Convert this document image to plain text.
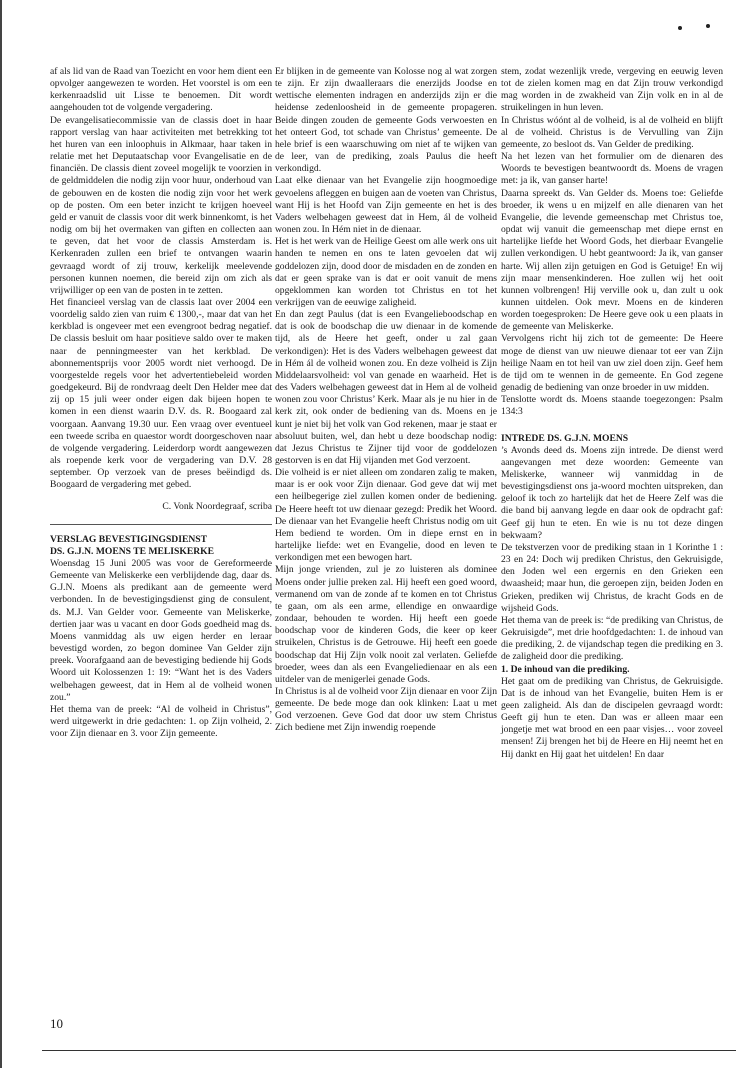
af als lid van de Raad van Toezicht en voor hem dient een opvolger aangewezen te worden. Het voorstel is om een kerkenraadslid uit Lisse te benoemen. Dit wordt aangehouden tot de volgende vergadering.

De evangelisatiecommissie van de classis doet in haar rapport verslag van haar activiteiten met betrekking tot het huren van een inloophuis in Alkmaar, haar taken in relatie met het Deputaatschap voor Evangelisatie en de financiën. De classis dient zoveel mogelijk te voorzien in de geldmiddelen die nodig zijn voor huur, onderhoud van de gebouwen en de kosten die nodig zijn voor het werk op de posten. Om een beter inzicht te krijgen hoeveel geld er vanuit de classis voor dit werk binnenkomt, is het nodig om bij het overmaken van giften en collecten aan te geven, dat het voor de classis Amsterdam is. Kerkenraden zullen een brief te ontvangen waarin gevraagd wordt of zij trouw, kerkelijk meelevende personen kunnen noemen, die bereid zijn om zich als vrijwilliger op een van de posten in te zetten.

Het financieel verslag van de classis laat over 2004 een voordelig saldo zien van ruim € 1300,-, maar dat van het kerkblad is ongeveer met een evengroot bedrag negatief. De classis besluit om haar positieve saldo over te maken naar de penningmeester van het kerkblad. De abonnementsprijs voor 2005 wordt niet verhoogd. De voorgestelde regels voor het advertentiebeleid worden goedgekeurd. Bij de rondvraag deelt Den Helder mee dat zij op 15 juli weer onder eigen dak bijeen hopen te komen in een dienst waarin D.V. ds. R. Boogaard zal voorgaan. Aanvang 19.30 uur. Een vraag over eventueel een tweede scriba en quaestor wordt doorgeschoven naar de volgende vergadering. Leiderdorp wordt aangewezen als roepende kerk voor de vergadering van D.V. 28 september. Op verzoek van de preses beëindigd ds. Boogaard de vergadering met gebed.

C. Vonk Noordegraaf, scriba

VERSLAG BEVESTIGINGSDIENST

DS. G.J.N. MOENS TE MELISKERKE

Woensdag 15 Juni 2005 was voor de Gereformeerde Gemeente van Meliskerke een verblijdende dag, daar ds. G.J.N. Moens als predikant aan de gemeente werd verbonden. In de bevestigingsdienst ging de consulent, ds. M.J. Van Gelder voor. Gemeente van Meliskerke, dertien jaar was u vacant en door Gods goedheid mag ds. Moens vanmiddag als uw eigen herder en leraar bevestigd worden, zo begon dominee Van Gelder zijn preek. Voorafgaand aan de bevestiging bediende hij Gods Woord uit Kolossenzen 1: 19: “Want het is des Vaders welbehagen geweest, dat in Hem al de volheid wonen zou.”

Het thema van de preek: “Al de volheid in Christus”, werd uitgewerkt in drie gedachten: 1. op Zijn volheid, 2. voor Zijn dienaar en 3. voor Zijn gemeente.

Er blijken in de gemeente van Kolosse nog al wat zorgen te zijn. Er zijn dwaalleraars die enerzijds Joodse en wettische elementen indragen en anderzijds zijn er die heidense zedenloosheid in de gemeente propageren. Beide dingen zouden de gemeente Gods verwoesten en het onteert God, tot schade van Christus’ gemeente. De hele brief is een waarschuwing om niet af te wijken van de leer, van de prediking, zoals Paulus die heeft verkondigd.

Laat elke dienaar van het Evangelie zijn hoogmoedige gevoelens afleggen en buigen aan de voeten van Christus, want Hij is het Hoofd van Zijn gemeente en het is des Vaders welbehagen geweest dat in Hem, ál de volheid wonen zou. In Hém niet in de dienaar.

Het is het werk van de Heilige Geest om alle werk ons uit handen te nemen en ons te laten gevoelen dat wij goddelozen zijn, dood door de misdaden en de zonden en dat er geen sprake van is dat er ooit vanuit de mens opgeklommen kan worden tot Christus en tot het verkrijgen van de eeuwige zaligheid.

En dan zegt Paulus (dat is een Evangelieboodschap en dat is ook de boodschap die uw dienaar in de komende tijd, als de Heere het geeft, onder u zal gaan verkondigen): Het is des Vaders welbehagen geweest dat in Hém ál de volheid wonen zou. En deze volheid is Zijn Middelaarsvolheid: vol van genade en waarheid. Het is des Vaders welbehagen geweest dat in Hem al de volheid wonen zou voor Christus’ Kerk. Maar als je nu hier in de kerk zit, ook onder de bediening van ds. Moens en je kunt je niet bij het volk van God rekenen, maar je staat er absoluut buiten, wel, dan hebt u deze boodschap nodig: dat Jezus Christus te Zijner tijd voor de goddelozen gestorven is en dat Hij vijanden met God verzoent.

Die volheid is er niet alleen om zondaren zalig te maken, maar is er ook voor Zijn dienaar. God geve dat wij met een heilbegerige ziel zullen komen onder de bediening. De Heere heeft tot uw dienaar gezegd: Predik het Woord. De dienaar van het Evangelie heeft Christus nodig om uit Hem bediend te worden. Om in diepe ernst en in hartelijke liefde: wet en Evangelie, dood en leven te verkondigen met een bewogen hart.

Mijn jonge vrienden, zul je zo luisteren als dominee Moens onder jullie preken zal. Hij heeft een goed woord, vermanend om van de zonde af te komen en tot Christus te gaan, om als een arme, ellendige en onwaardige zondaar, behouden te worden. Hij heeft een goede boodschap voor de kinderen Gods, die keer op keer struikelen, Christus is de Getrouwe. Hij heeft een goede boodschap dat Hij Zijn volk nooit zal verlaten. Geliefde broeder, wees dan als een Evangeliedienaar en als een uitdeler van de menigerlei genade Gods.

In Christus is al de volheid voor Zijn dienaar en voor Zijn gemeente. De bede moge dan ook klinken: Laat u met God verzoenen. Geve God dat door uw stem Christus Zich bediene met Zijn inwendig roepende

stem, zodat wezenlijk vrede, vergeving en eeuwig leven tot de zielen komen mag en dat Zijn trouw verkondigd mag worden in de zwakheid van Zijn volk en in al de struikelingen in hun leven.

In Christus wóónt al de volheid, is al de volheid en blijft al de volheid. Christus is de Vervulling van Zijn gemeente, zo besloot ds. Van Gelder de prediking.

Na het lezen van het formulier om de dienaren des Woords te bevestigen beantwoordt ds. Moens de vragen met: ja ik, van ganser harte!

Daarna spreekt ds. Van Gelder ds. Moens toe: Geliefde broeder, ik wens u en mijzelf en alle dienaren van het Evangelie, die levende gemeenschap met Christus toe, opdat wij vanuit die gemeenschap met diepe ernst en hartelijke liefde het Woord Gods, het dierbaar Evangelie zullen verkondigen. U hebt geantwoord: Ja ik, van ganser harte. Wij allen zijn getuigen en God is Getuige! En wij zijn maar mensenkinderen. Hoe zullen wij het ooit kunnen volbrengen! Hij verville ook u, dan zult u ook kunnen uitdelen. Ook mevr. Moens en de kinderen worden toegesproken: De Heere geve ook u een plaats in de gemeente van Meliskerke.

Vervolgens richt hij zich tot de gemeente: De Heere moge de dienst van uw nieuwe dienaar tot eer van Zijn heilige Naam en tot heil van uw ziel doen zijn. Geef hem de tijd om te wennen in de gemeente. En God zegene genadig de bediening van onze broeder in uw midden.

Tenslotte wordt ds. Moens staande toegezongen: Psalm 134:3

INTREDE DS. G.J.N. MOENS

’s Avonds deed ds. Moens zijn intrede. De dienst werd aangevangen met deze woorden: Gemeente van Meliskerke, wanneer wij vanmiddag in de bevestigingsdienst ons ja-woord mochten uitspreken, dan geloof ik toch zo hartelijk dat het de Heere Zelf was die die band bij aanvang legde en daar ook de opdracht gaf: Geef gij hun te eten. En wie is nu tot deze dingen bekwaam?

De tekstverzen voor de prediking staan in 1 Korinthe 1 : 23 en 24: Doch wij prediken Christus, den Gekruisigde, den Joden wel een ergernis en den Grieken een dwaasheid; maar hun, die geroepen zijn, beiden Joden en Grieken, prediken wij Christus, de kracht Gods en de wijsheid Gods.

Het thema van de preek is: “de prediking van Christus, de Gekruisigde”, met drie hoofdgedachten: 1. de inhoud van die prediking, 2. de vijandschap tegen die prediking en 3. de zaligheid door die prediking.

1. De inhoud van die prediking.

Het gaat om de prediking van Christus, de Gekruisigde. Dat is de inhoud van het Evangelie, buiten Hem is er geen zaligheid. Als dan de discipelen gevraagd wordt: Geeft gij hun te eten. Dan was er alleen maar een jongetje met wat brood en een paar visjes… voor zoveel mensen! Zij brengen het bij de Heere en Hij neemt het en Hij dankt en Hij gaat het uitdelen! En daar

10
